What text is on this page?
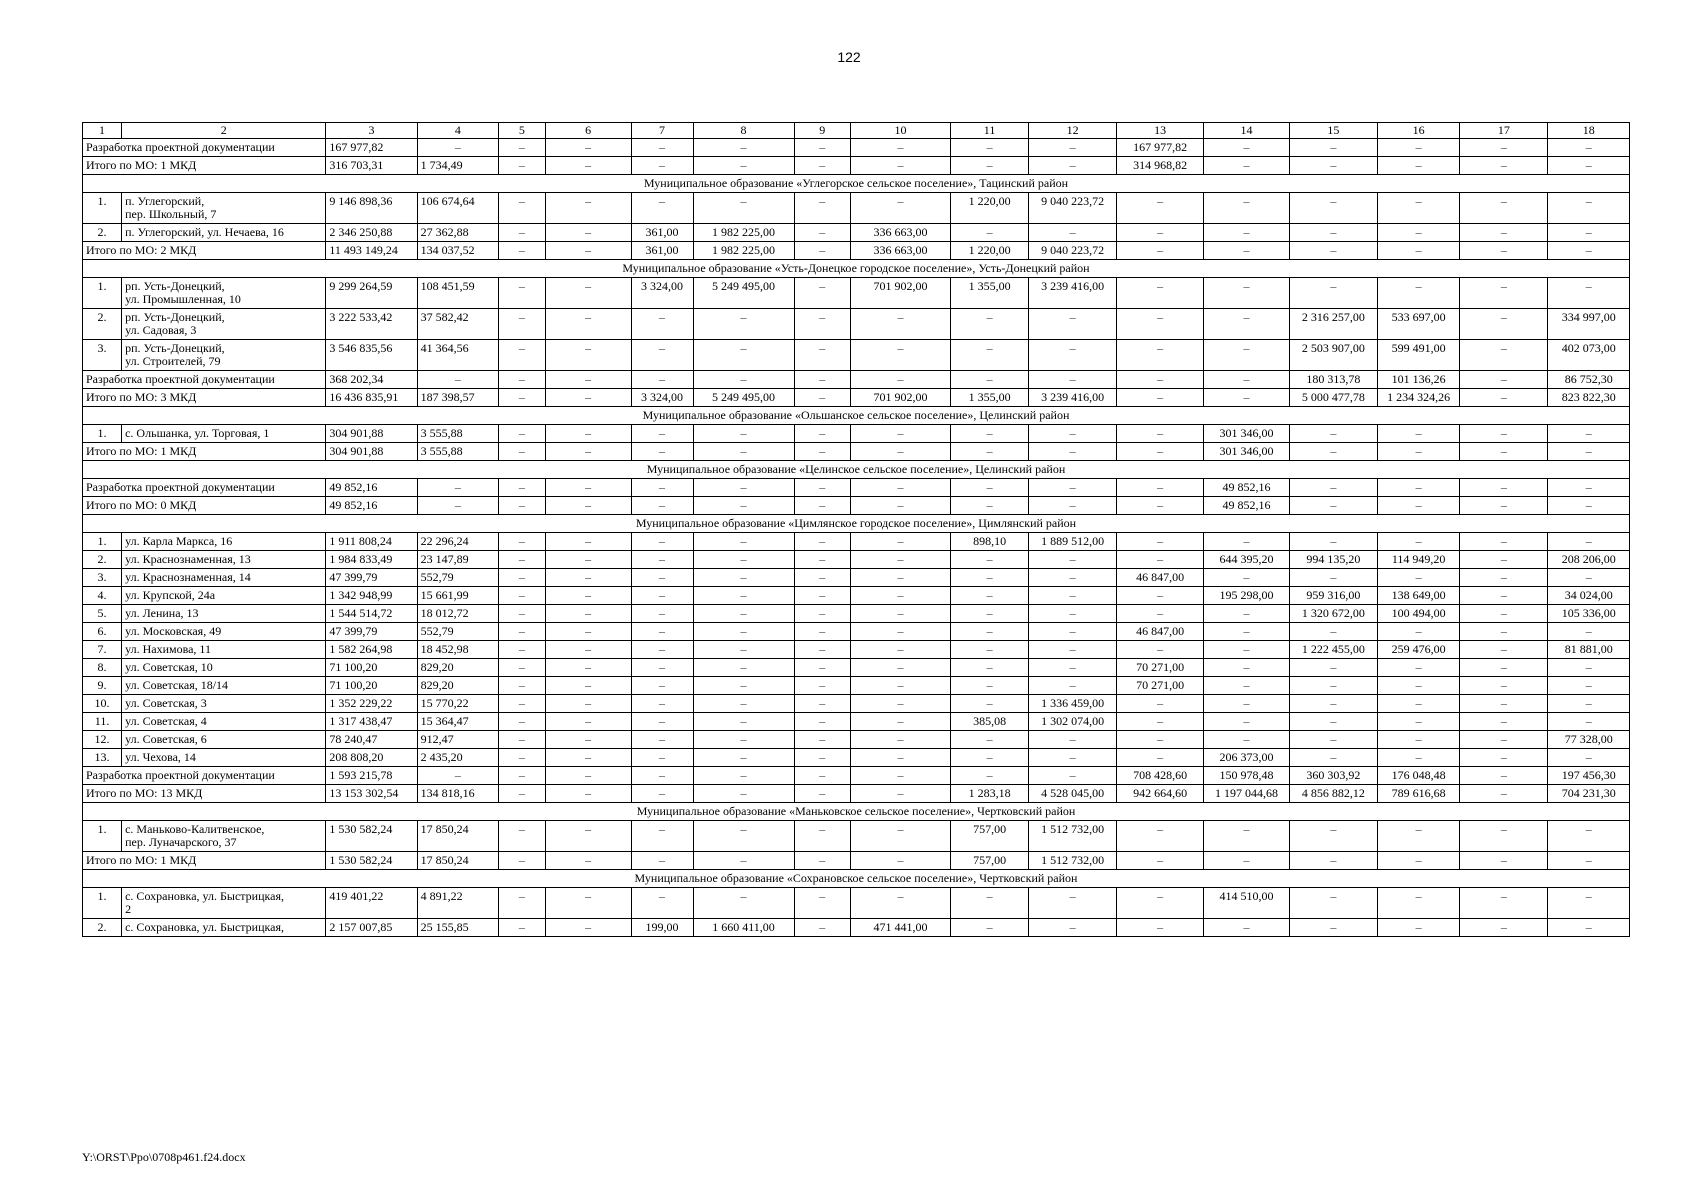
122
1	2	3	4	5	6	7	8	9	10	11	12	13	14	15	16	17	18
Разработка проектной документации		167 977,82	–	–	–	–	–	–	–	–	–	167 977,82	–	–	–	–	–
Итого по МО: 1 МКД		316 703,31	1 734,49	–	–	–	–	–	–	–	–	314 968,82	–	–	–	–	–
Муниципальное образование «Углегорское сельское поселение», Тацинский район																	
1.	п. Углегорский,
пер. Школьный, 7	9 146 898,36	106 674,64	–	–	–	–	–	–	1 220,00	9 040 223,72	–	–	–	–	–	–
2.	п. Углегорский, ул. Нечаева, 16	2 346 250,88	27 362,88	–	–	361,00	1 982 225,00	–	336 663,00	–	–	–	–	–	–	–	–
Итого по МО: 2 МКД		11 493 149,24	134 037,52	–	–	361,00	1 982 225,00	–	336 663,00	1 220,00	9 040 223,72	–	–	–	–	–	–
Муниципальное образование «Усть-Донецкое городское поселение», Усть-Донецкий район																	
1.	рп. Усть-Донецкий,
ул. Промышленная, 10	9 299 264,59	108 451,59	–	–	3 324,00	5 249 495,00	–	701 902,00	1 355,00	3 239 416,00	–	–	–	–	–	–
2.	рп. Усть-Донецкий,
ул. Садовая, 3	3 222 533,42	37 582,42	–	–	–	–	–	–	–	–	–	–	2 316 257,00	533 697,00	–	334 997,00
3.	рп. Усть-Донецкий,
ул. Строителей, 79	3 546 835,56	41 364,56	–	–	–	–	–	–	–	–	–	–	2 503 907,00	599 491,00	–	402 073,00
Разработка проектной документации		368 202,34	–	–	–	–	–	–	–	–	–	–	–	180 313,78	101 136,26	–	86 752,30
Итого по МО: 3 МКД		16 436 835,91	187 398,57	–	–	3 324,00	5 249 495,00	–	701 902,00	1 355,00	3 239 416,00	–	–	5 000 477,78	1 234 324,26	–	823 822,30
Муниципальное образование «Ольшанское сельское поселение», Целинский район																	
1.	с. Ольшанка, ул. Торговая, 1	304 901,88	3 555,88	–	–	–	–	–	–	–	–	–	301 346,00	–	–	–	–
Итого по МО: 1 МКД		304 901,88	3 555,88	–	–	–	–	–	–	–	–	–	301 346,00	–	–	–	–
Муниципальное образование «Целинское сельское поселение», Целинский район																	
Разработка проектной документации		49 852,16	–	–	–	–	–	–	–	–	–	–	49 852,16	–	–	–	–
Итого по МО: 0 МКД		49 852,16	–	–	–	–	–	–	–	–	–	–	49 852,16	–	–	–	–
Муниципальное образование «Цимлянское городское поселение», Цимлянский район																	
1.	ул. Карла Маркса, 16	1 911 808,24	22 296,24	–	–	–	–	–	–	898,10	1 889 512,00	–	–	–	–	–	–
2.	ул. Краснознаменная, 13	1 984 833,49	23 147,89	–	–	–	–	–	–	–	–	–	644 395,20	994 135,20	114 949,20	–	208 206,00
3.	ул. Краснознаменная, 14	47 399,79	552,79	–	–	–	–	–	–	–	–	46 847,00	–	–	–	–	–
4.	ул. Крупской, 24а	1 342 948,99	15 661,99	–	–	–	–	–	–	–	–	–	195 298,00	959 316,00	138 649,00	–	34 024,00
5.	ул. Ленина, 13	1 544 514,72	18 012,72	–	–	–	–	–	–	–	–	–	–	1 320 672,00	100 494,00	–	105 336,00
6.	ул. Московская, 49	47 399,79	552,79	–	–	–	–	–	–	–	–	46 847,00	–	–	–	–	–
7.	ул. Нахимова, 11	1 582 264,98	18 452,98	–	–	–	–	–	–	–	–	–	–	1 222 455,00	259 476,00	–	81 881,00
8.	ул. Советская, 10	71 100,20	829,20	–	–	–	–	–	–	–	–	70 271,00	–	–	–	–	–
9.	ул. Советская, 18/14	71 100,20	829,20	–	–	–	–	–	–	–	–	70 271,00	–	–	–	–	–
10.	ул. Советская, 3	1 352 229,22	15 770,22	–	–	–	–	–	–	–	1 336 459,00	–	–	–	–	–	–
11.	ул. Советская, 4	1 317 438,47	15 364,47	–	–	–	–	–	–	385,08	1 302 074,00	–	–	–	–	–	–
12.	ул. Советская, 6	78 240,47	912,47	–	–	–	–	–	–	–	–	–	–	–	–	–	77 328,00
13.	ул. Чехова, 14	208 808,20	2 435,20	–	–	–	–	–	–	–	–	–	206 373,00	–	–	–	–
Разработка проектной документации		1 593 215,78	–	–	–	–	–	–	–	–	–	708 428,60	150 978,48	360 303,92	176 048,48	–	197 456,30
Итого по МО: 13 МКД		13 153 302,54	134 818,16	–	–	–	–	–	–	1 283,18	4 528 045,00	942 664,60	1 197 044,68	4 856 882,12	789 616,68	–	704 231,30
Муниципальное образование «Маньковское сельское поселение», Чертковский район																	
1.	с. Маньково-Калитвенское,
пер. Луначарского, 37	1 530 582,24	17 850,24	–	–	–	–	–	–	757,00	1 512 732,00	–	–	–	–	–	–
Итого по МО: 1 МКД		1 530 582,24	17 850,24	–	–	–	–	–	–	757,00	1 512 732,00	–	–	–	–	–	–
Муниципальное образование «Сохрановское сельское поселение», Чертковский район																	
1.	с. Сохрановка, ул. Быстрицкая,
2	419 401,22	4 891,22	–	–	–	–	–	–	–	–	–	414 510,00	–	–	–	–
2.	с. Сохрановка, ул. Быстрицкая,	2 157 007,85	25 155,85	–	–	199,00	1 660 411,00	–	471 441,00	–	–	–	–	–	–	–	–
Y:\ORST\Ppo\0708p461.f24.docx
